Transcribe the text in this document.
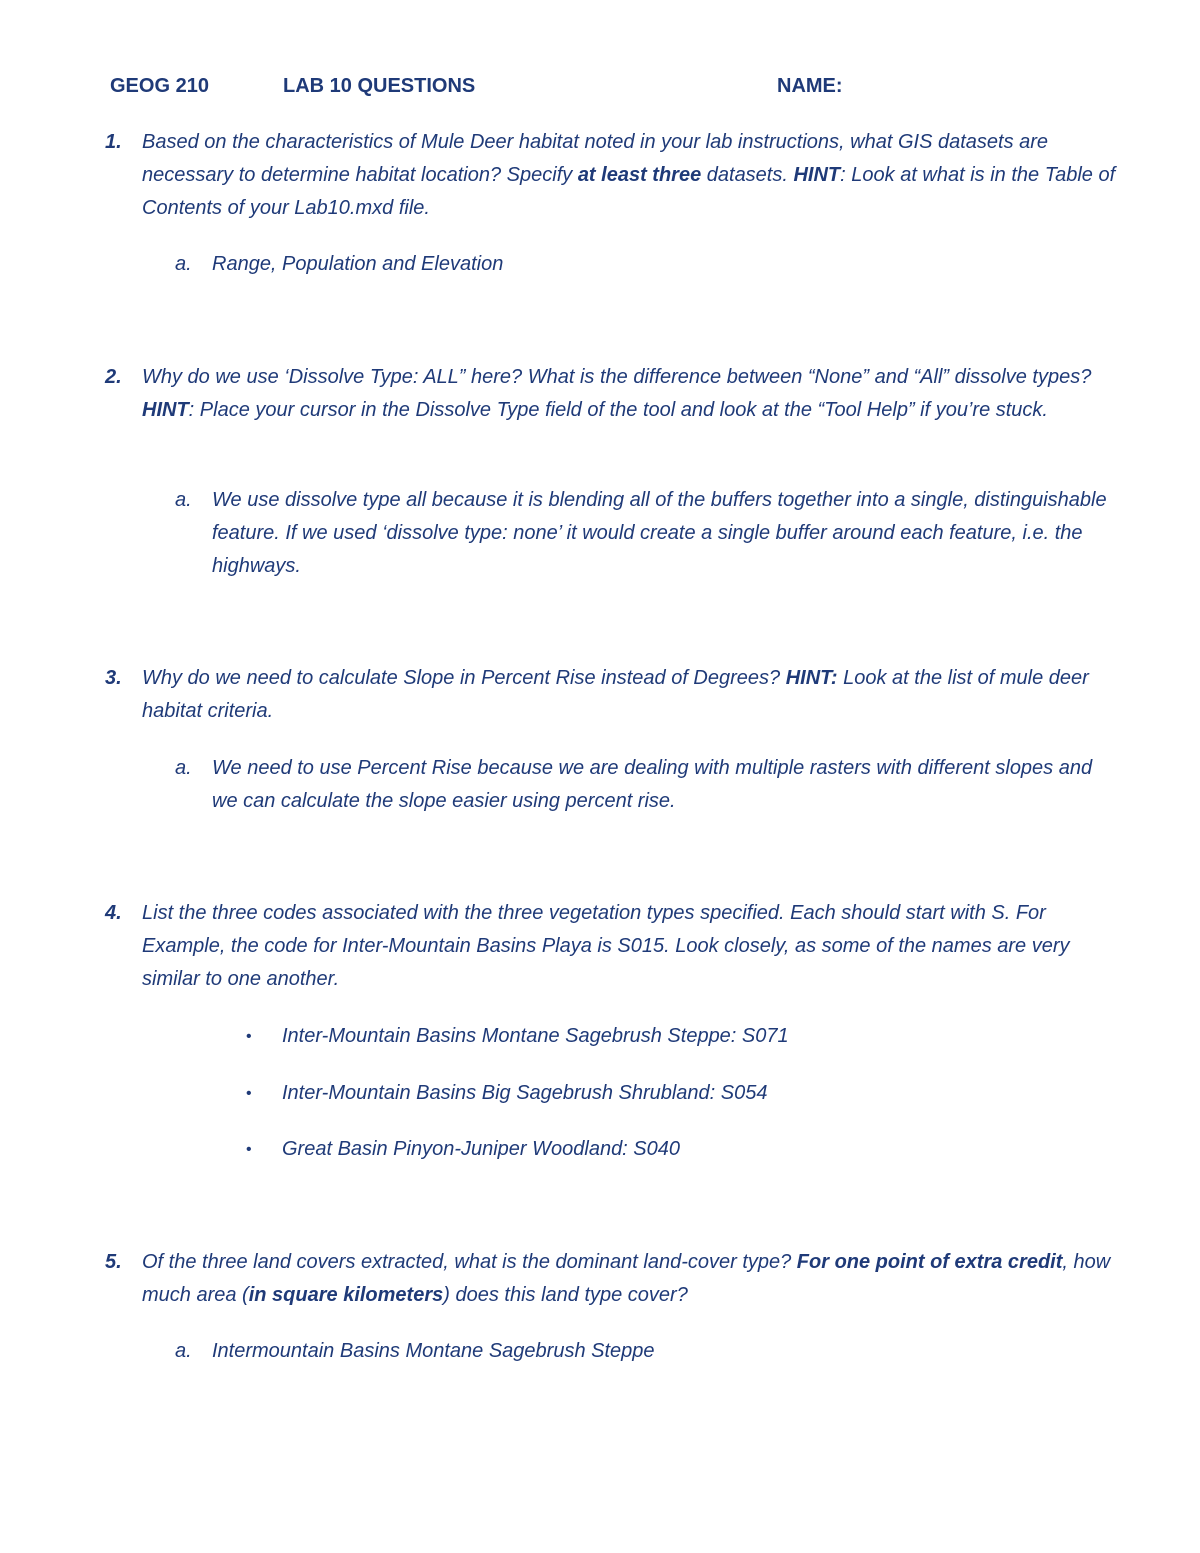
GEOG 210	LAB 10 QUESTIONS	NAME:
1. Based on the characteristics of Mule Deer habitat noted in your lab instructions, what GIS datasets are necessary to determine habitat location? Specify at least three datasets. HINT: Look at what is in the Table of Contents of your Lab10.mxd file.
a. Range, Population and Elevation
2. Why do we use ‘Dissolve Type: ALL” here? What is the difference between “None” and “All” dissolve types? HINT: Place your cursor in the Dissolve Type field of the tool and look at the “Tool Help” if you’re stuck.
a. We use dissolve type all because it is blending all of the buffers together into a single, distinguishable feature. If we used ‘dissolve type: none’ it would create a single buffer around each feature, i.e. the highways.
3. Why do we need to calculate Slope in Percent Rise instead of Degrees? HINT: Look at the list of mule deer habitat criteria.
a. We need to use Percent Rise because we are dealing with multiple rasters with different slopes and we can calculate the slope easier using percent rise.
4. List the three codes associated with the three vegetation types specified. Each should start with S. For Example, the code for Inter-Mountain Basins Playa is S015. Look closely, as some of the names are very similar to one another.
• Inter-Mountain Basins Montane Sagebrush Steppe: S071
• Inter-Mountain Basins Big Sagebrush Shrubland: S054
• Great Basin Pinyon-Juniper Woodland: S040
5. Of the three land covers extracted, what is the dominant land-cover type? For one point of extra credit, how much area (in square kilometers) does this land type cover?
a. Intermountain Basins Montane Sagebrush Steppe
